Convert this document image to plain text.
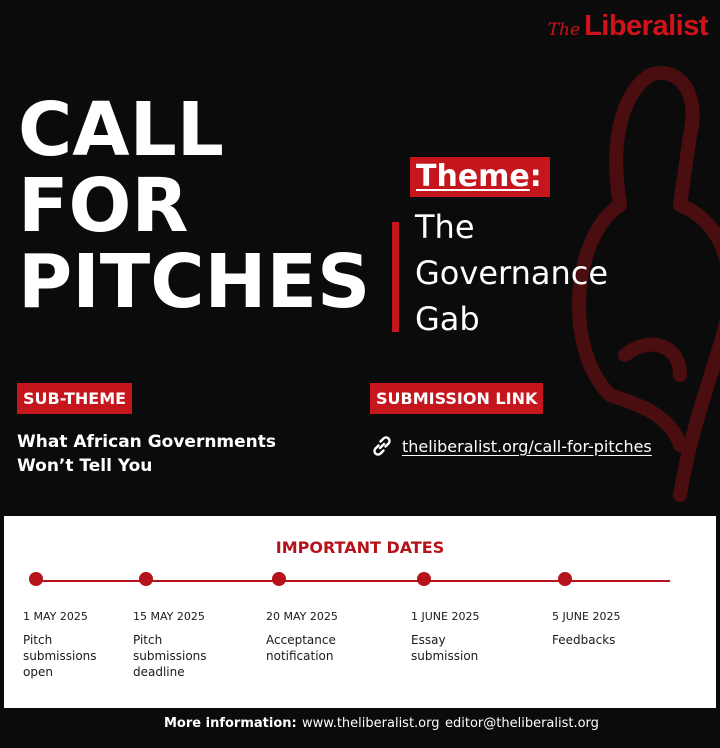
The Liberalist
CALL
FOR
PITCHES
Theme:
The
Governance
Gab
SUB-THEME
What African Governments
Won’t Tell You
SUBMISSION LINK
theliberalist.org/call-for-pitches
IMPORTANT DATES
1 MAY 2025
Pitch submissions open
15 MAY 2025
Pitch submissions deadline
20 MAY 2025
Acceptance notification
1 JUNE 2025
Essay submission
5 JUNE 2025
Feedbacks
More information: www.theliberalist.org editor@theliberalist.org
